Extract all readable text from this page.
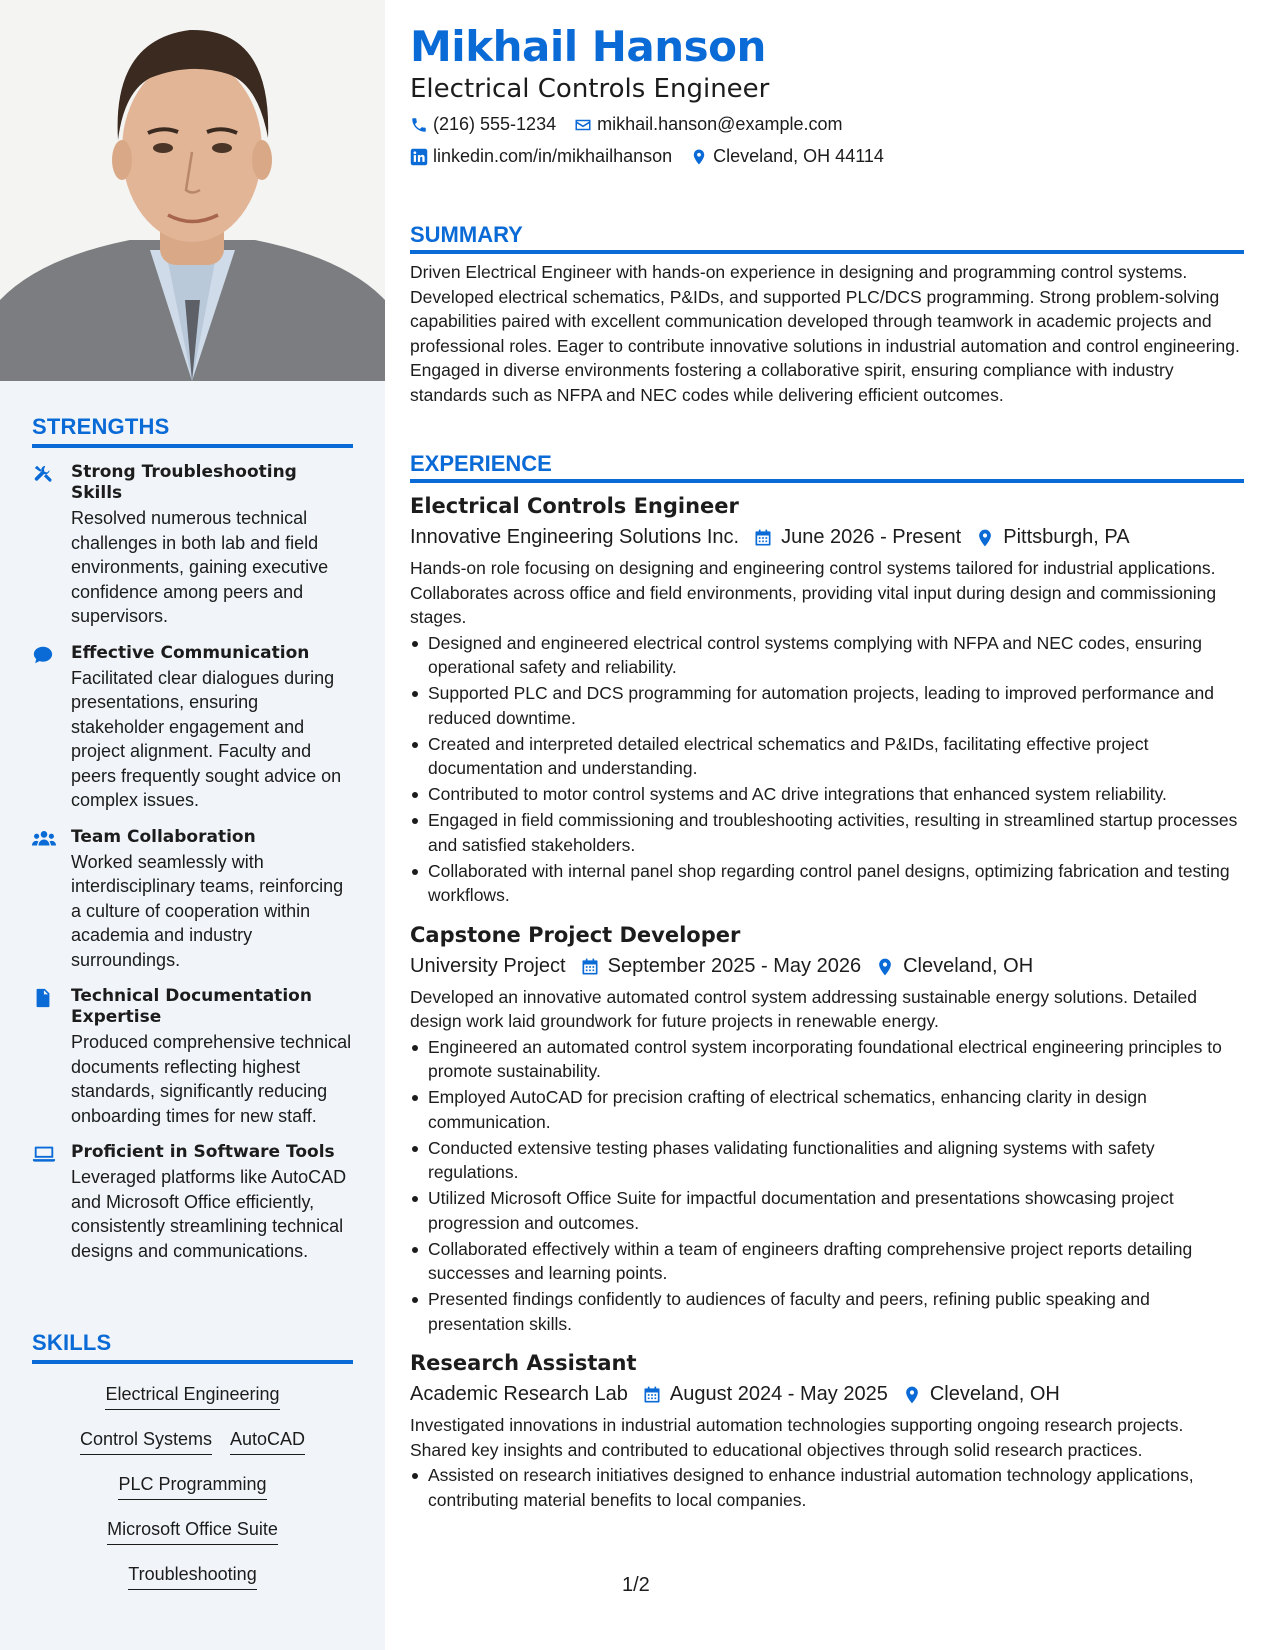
STRENGTHS
Strong Troubleshooting Skills
Resolved numerous technical challenges in both lab and field environments, gaining executive confidence among peers and supervisors.
Effective Communication
Facilitated clear dialogues during presentations, ensuring stakeholder engagement and project alignment. Faculty and peers frequently sought advice on complex issues.
Team Collaboration
Worked seamlessly with interdisciplinary teams, reinforcing a culture of cooperation within academia and industry surroundings.
Technical Documentation Expertise
Produced comprehensive technical documents reflecting highest standards, significantly reducing onboarding times for new staff.
Proficient in Software Tools
Leveraged platforms like AutoCAD and Microsoft Office efficiently, consistently streamlining technical designs and communications.
SKILLS
Electrical Engineering
Control Systems AutoCAD
PLC Programming
Microsoft Office Suite
Troubleshooting
Mikhail Hanson
Electrical Controls Engineer
(216) 555-1234 mikhail.hanson@example.com
linkedin.com/in/mikhailhanson Cleveland, OH 44114
SUMMARY
Driven Electrical Engineer with hands-on experience in designing and programming control systems. Developed electrical schematics, P&IDs, and supported PLC/DCS programming. Strong problem-solving capabilities paired with excellent communication developed through teamwork in academic projects and professional roles. Eager to contribute innovative solutions in industrial automation and control engineering. Engaged in diverse environments fostering a collaborative spirit, ensuring compliance with industry standards such as NFPA and NEC codes while delivering efficient outcomes.
EXPERIENCE
Electrical Controls Engineer
Innovative Engineering Solutions Inc. June 2026 - Present Pittsburgh, PA
Hands-on role focusing on designing and engineering control systems tailored for industrial applications. Collaborates across office and field environments, providing vital input during design and commissioning stages.
Designed and engineered electrical control systems complying with NFPA and NEC codes, ensuring operational safety and reliability.
Supported PLC and DCS programming for automation projects, leading to improved performance and reduced downtime.
Created and interpreted detailed electrical schematics and P&IDs, facilitating effective project documentation and understanding.
Contributed to motor control systems and AC drive integrations that enhanced system reliability.
Engaged in field commissioning and troubleshooting activities, resulting in streamlined startup processes and satisfied stakeholders.
Collaborated with internal panel shop regarding control panel designs, optimizing fabrication and testing workflows.
Capstone Project Developer
University Project September 2025 - May 2026 Cleveland, OH
Developed an innovative automated control system addressing sustainable energy solutions. Detailed design work laid groundwork for future projects in renewable energy.
Engineered an automated control system incorporating foundational electrical engineering principles to promote sustainability.
Employed AutoCAD for precision crafting of electrical schematics, enhancing clarity in design communication.
Conducted extensive testing phases validating functionalities and aligning systems with safety regulations.
Utilized Microsoft Office Suite for impactful documentation and presentations showcasing project progression and outcomes.
Collaborated effectively within a team of engineers drafting comprehensive project reports detailing successes and learning points.
Presented findings confidently to audiences of faculty and peers, refining public speaking and presentation skills.
Research Assistant
Academic Research Lab August 2024 - May 2025 Cleveland, OH
Investigated innovations in industrial automation technologies supporting ongoing research projects. Shared key insights and contributed to educational objectives through solid research practices.
Assisted on research initiatives designed to enhance industrial automation technology applications, contributing material benefits to local companies.
1/2
